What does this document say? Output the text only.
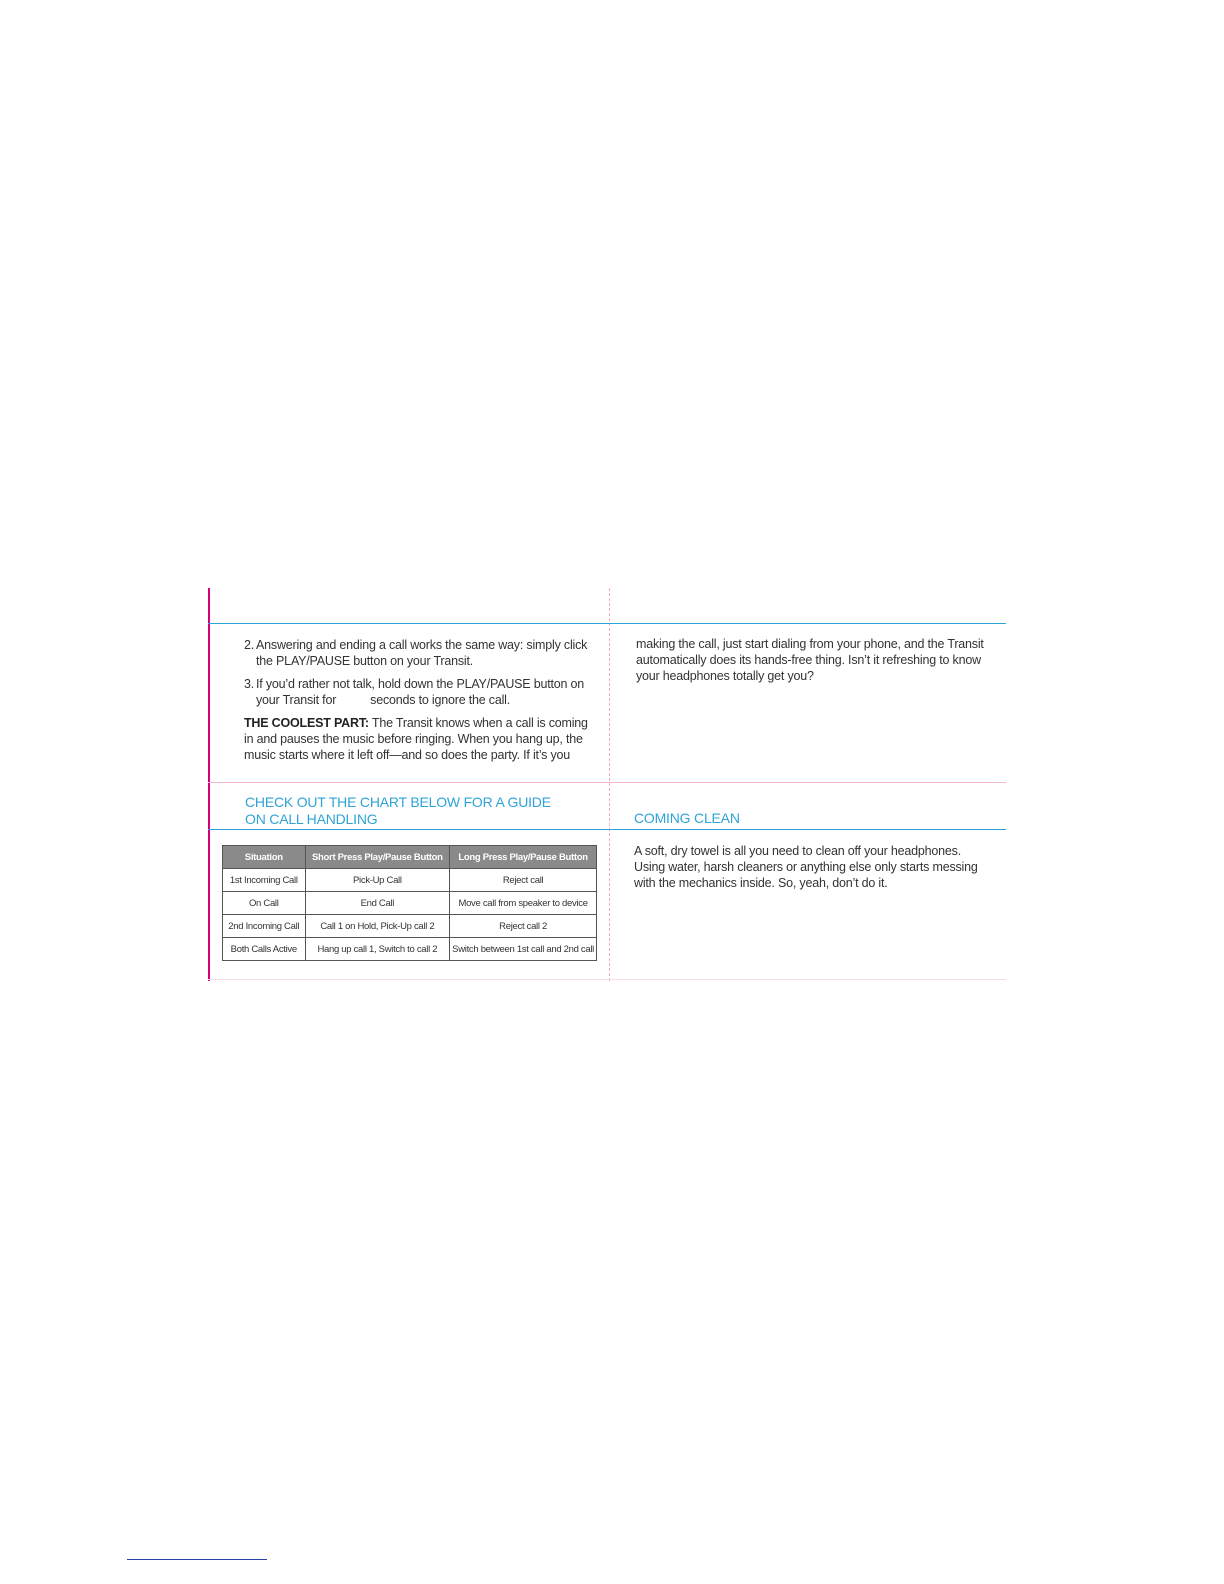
2. Answering and ending a call works the same way: simply click the PLAY/PAUSE button on your Transit.
3. If you’d rather not talk, hold down the PLAY/PAUSE button on your Transit for	seconds to ignore the call.
THE COOLEST PART: The Transit knows when a call is coming in and pauses the music before ringing. When you hang up, the music starts where it left off—and so does the party. If it’s you
making the call, just start dialing from your phone, and the Transit automatically does its hands-free thing. Isn’t it refreshing to know your headphones totally get you?
CHECK OUT THE CHART BELOW FOR A GUIDE
ON CALL HANDLING	COMING CLEAN
A soft, dry towel is all you need to clean off your headphones. Using water, harsh cleaners or anything else only starts messing with the mechanics inside. So, yeah, don’t do it.
Situation	Short Press Play/Pause Button	Long Press Play/Pause Button
1st Incoming Call	Pick-Up Call	Reject call
On Call	End Call	Move call from speaker to device
2nd Incoming Call	Call 1 on Hold, Pick-Up call 2	Reject call 2
Both Calls Active	Hang up call 1, Switch to call 2	Switch between 1st call and 2nd call
